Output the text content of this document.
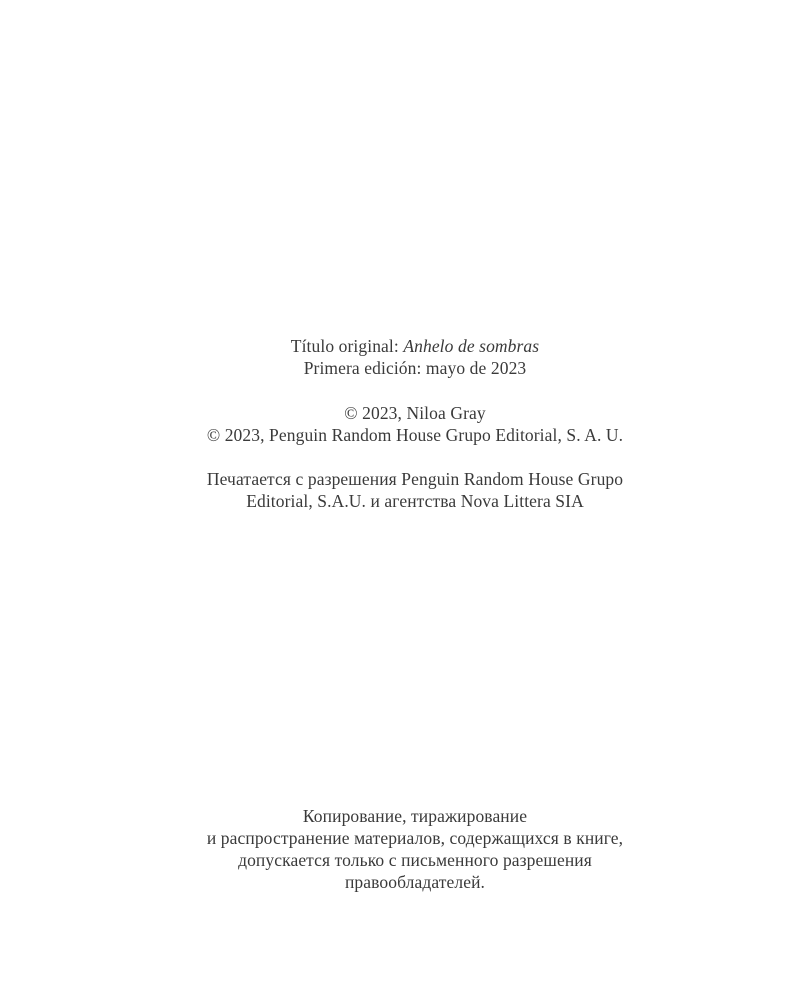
Título original: Anhelo de sombras
Primera edición: mayo de 2023
© 2023, Niloa Gray
© 2023, Penguin Random House Grupo Editorial, S. A. U.
Печатается с разрешения Penguin Random House Grupo
Editorial, S.A.U. и агентства Nova Littera SIA
Копирование, тиражирование
и распространение материалов, содержащихся в книге,
допускается только с письменного разрешения
правообладателей.
